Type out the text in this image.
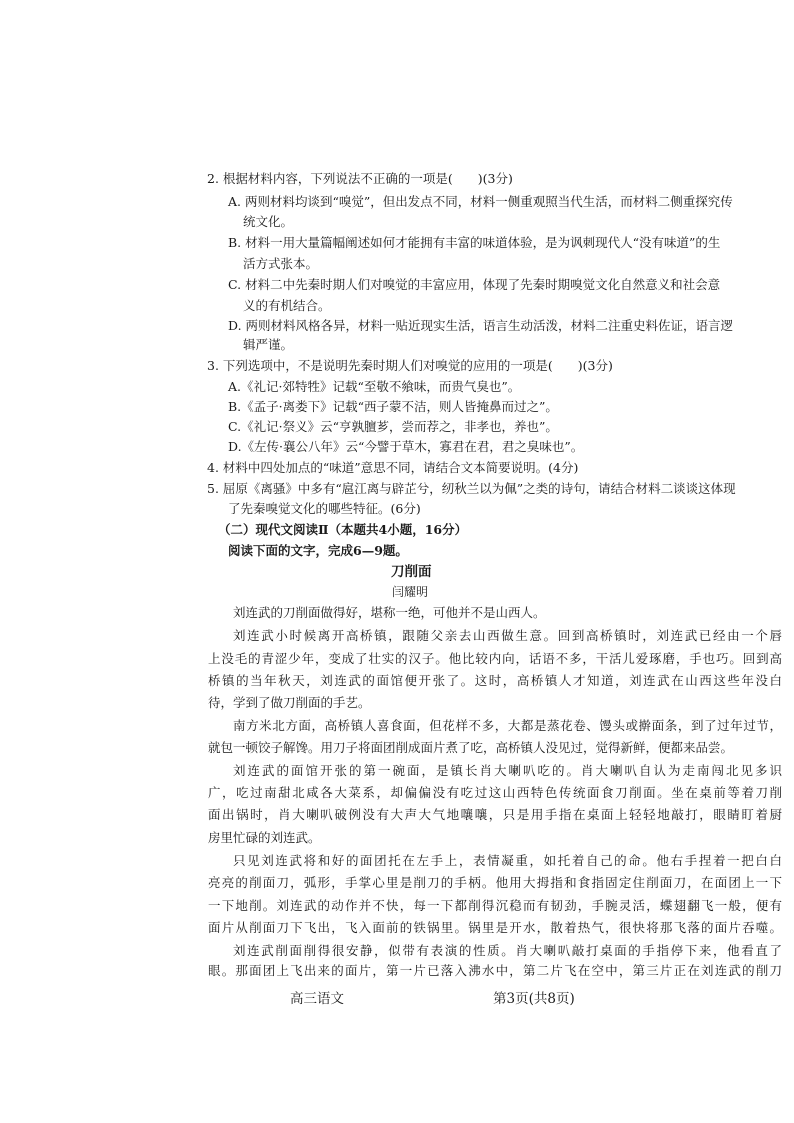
2. 根据材料内容，下列说法不正确的一项是(　　)(3分)
A. 两则材料均谈到“嗅觉”，但出发点不同，材料一侧重观照当代生活，而材料二侧重探究传
统文化。
B. 材料一用大量篇幅阐述如何才能拥有丰富的味道体验，是为讽刺现代人“没有味道”的生
活方式张本。
C. 材料二中先秦时期人们对嗅觉的丰富应用，体现了先秦时期嗅觉文化自然意义和社会意
义的有机结合。
D. 两则材料风格各异，材料一贴近现实生活，语言生动活泼，材料二注重史料佐证，语言逻
辑严谨。
3. 下列选项中，不是说明先秦时期人们对嗅觉的应用的一项是(　　)(3分)
A.《礼记·郊特牲》记载“至敬不飨味，而贵气臭也”。
B.《孟子·离娄下》记载“西子蒙不洁，则人皆掩鼻而过之”。
C.《礼记·祭义》云“亨孰膻芗，尝而荐之，非孝也，养也”。
D.《左传·襄公八年》云“今譬于草木，寡君在君，君之臭味也”。
4. 材料中四处加点的“味道”意思不同，请结合文本简要说明。(4分)
5. 屈原《离骚》中多有“扈江离与辟芷兮，纫秋兰以为佩”之类的诗句，请结合材料二谈谈这体现
了先秦嗅觉文化的哪些特征。(6分)
（二）现代文阅读Ⅱ（本题共4小题，16分）
阅读下面的文字，完成6—9题。
刀削面
闫耀明
刘连武的刀削面做得好，堪称一绝，可他并不是山西人。
刘连武小时候离开高桥镇，跟随父亲去山西做生意。回到高桥镇时，刘连武已经由一个唇
上没毛的青涩少年，变成了壮实的汉子。他比较内向，话语不多，干活儿爱琢磨，手也巧。回到高
桥镇的当年秋天，刘连武的面馆便开张了。这时，高桥镇人才知道，刘连武在山西这些年没白
待，学到了做刀削面的手艺。
南方米北方面，高桥镇人喜食面，但花样不多，大都是蒸花卷、馒头或擀面条，到了过年过节，
就包一顿饺子解馋。用刀子将面团削成面片煮了吃，高桥镇人没见过，觉得新鲜，便都来品尝。
刘连武的面馆开张的第一碗面，是镇长肖大喇叭吃的。肖大喇叭自认为走南闯北见多识
广，吃过南甜北咸各大菜系，却偏偏没有吃过这山西特色传统面食刀削面。坐在桌前等着刀削
面出锅时，肖大喇叭破例没有大声大气地嚷嚷，只是用手指在桌面上轻轻地敲打，眼睛盯着厨
房里忙碌的刘连武。
只见刘连武将和好的面团托在左手上，表情凝重，如托着自己的命。他右手捏着一把白白
亮亮的削面刀，弧形，手掌心里是削刀的手柄。他用大拇指和食指固定住削面刀，在面团上一下
一下地削。刘连武的动作并不快，每一下都削得沉稳而有韧劲，手腕灵活，蝶翅翻飞一般，便有
面片从削面刀下飞出，飞入面前的铁锅里。锅里是开水，散着热气，很快将那飞落的面片吞噬。
刘连武削面削得很安静，似带有表演的性质。肖大喇叭敲打桌面的手指停下来，他看直了
眼。那面团上飞出来的面片，第一片已落入沸水中，第二片飞在空中，第三片正在刘连武的削刀
高三语文	第3页(共8页)
